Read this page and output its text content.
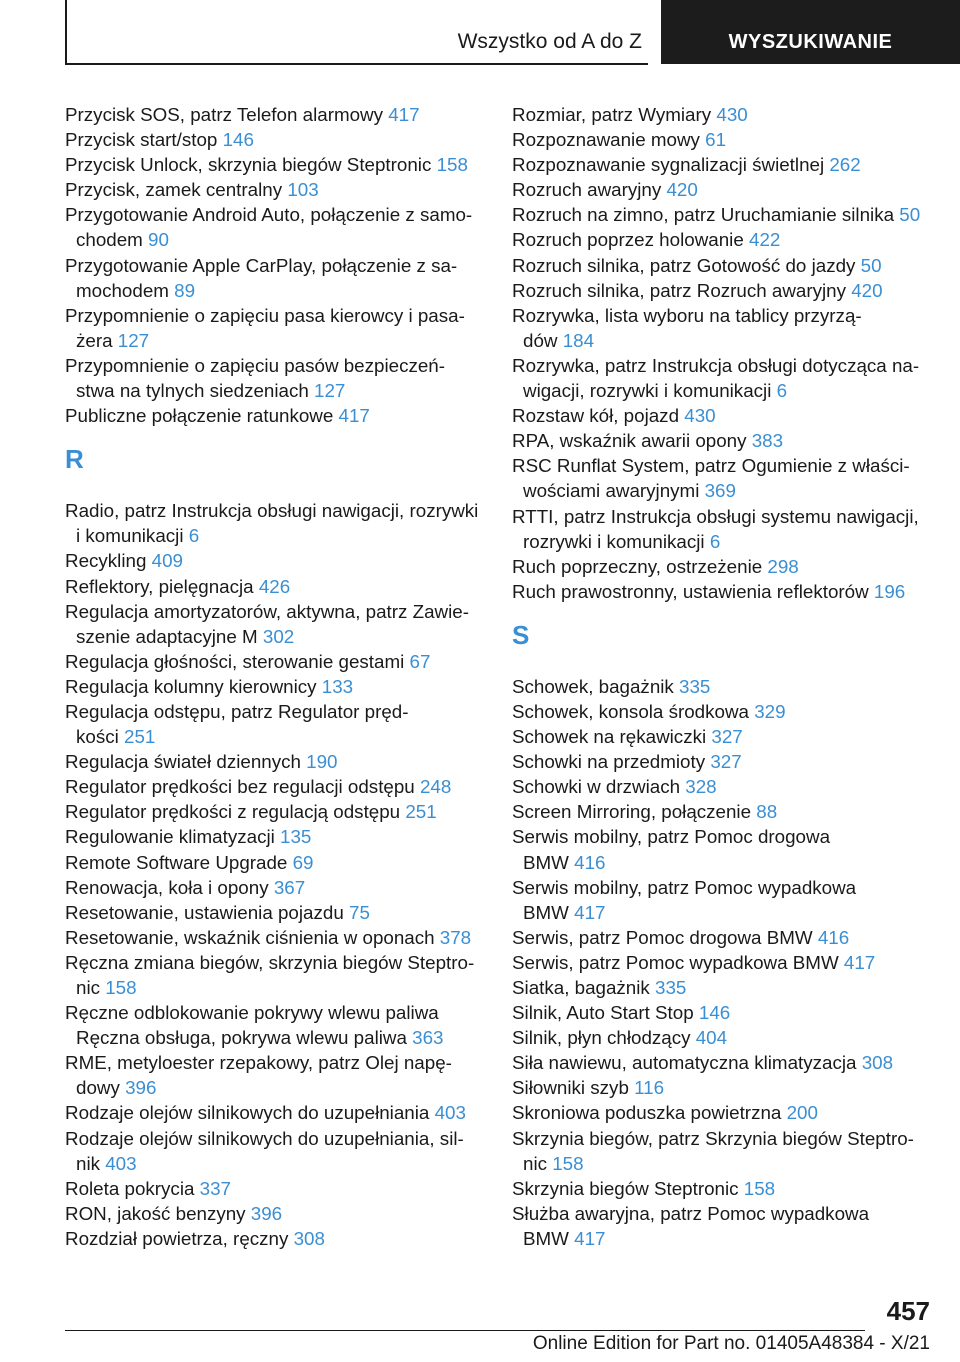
Wszystko od A do Z	WYSZUKIWANIE
Przycisk SOS, patrz Telefon alarmowy 417
Przycisk start/stop 146
Przycisk Unlock, skrzynia biegów Steptronic 158
Przycisk, zamek centralny 103
Przygotowanie Android Auto, połączenie z samo-
chodem 90
Przygotowanie Apple CarPlay, połączenie z sa-
mochodem 89
Przypomnienie o zapięciu pasa kierowcy i pasa-
żera 127
Przypomnienie o zapięciu pasów bezpieczeń-
stwa na tylnych siedzeniach 127
Publiczne połączenie ratunkowe 417
R
Radio, patrz Instrukcja obsługi nawigacji, rozrywki
i komunikacji 6
Recykling 409
Reflektory, pielęgnacja 426
Regulacja amortyzatorów, aktywna, patrz Zawie-
szenie adaptacyjne M 302
Regulacja głośności, sterowanie gestami 67
Regulacja kolumny kierownicy 133
Regulacja odstępu, patrz Regulator pręd-
kości 251
Regulacja świateł dziennych 190
Regulator prędkości bez regulacji odstępu 248
Regulator prędkości z regulacją odstępu 251
Regulowanie klimatyzacji 135
Remote Software Upgrade 69
Renowacja, koła i opony 367
Resetowanie, ustawienia pojazdu 75
Resetowanie, wskaźnik ciśnienia w oponach 378
Ręczna zmiana biegów, skrzynia biegów Steptro-
nic 158
Ręczne odblokowanie pokrywy wlewu paliwa
Ręczna obsługa, pokrywa wlewu paliwa 363
RME, metyloester rzepakowy, patrz Olej napę-
dowy 396
Rodzaje olejów silnikowych do uzupełniania 403
Rodzaje olejów silnikowych do uzupełniania, sil-
nik 403
Roleta pokrycia 337
RON, jakość benzyny 396
Rozdział powietrza, ręczny 308
Rozmiar, patrz Wymiary 430
Rozpoznawanie mowy 61
Rozpoznawanie sygnalizacji świetlnej 262
Rozruch awaryjny 420
Rozruch na zimno, patrz Uruchamianie silnika 50
Rozruch poprzez holowanie 422
Rozruch silnika, patrz Gotowość do jazdy 50
Rozruch silnika, patrz Rozruch awaryjny 420
Rozrywka, lista wyboru na tablicy przyrzą-
dów 184
Rozrywka, patrz Instrukcja obsługi dotycząca na-
wigacji, rozrywki i komunikacji 6
Rozstaw kół, pojazd 430
RPA, wskaźnik awarii opony 383
RSC Runflat System, patrz Ogumienie z właści-
wościami awaryjnymi 369
RTTI, patrz Instrukcja obsługi systemu nawigacji,
rozrywki i komunikacji 6
Ruch poprzeczny, ostrzeżenie 298
Ruch prawostronny, ustawienia reflektorów 196
S
Schowek, bagażnik 335
Schowek, konsola środkowa 329
Schowek na rękawiczki 327
Schowki na przedmioty 327
Schowki w drzwiach 328
Screen Mirroring, połączenie 88
Serwis mobilny, patrz Pomoc drogowa
BMW 416
Serwis mobilny, patrz Pomoc wypadkowa
BMW 417
Serwis, patrz Pomoc drogowa BMW 416
Serwis, patrz Pomoc wypadkowa BMW 417
Siatka, bagażnik 335
Silnik, Auto Start Stop 146
Silnik, płyn chłodzący 404
Siła nawiewu, automatyczna klimatyzacja 308
Siłowniki szyb 116
Skroniowa poduszka powietrzna 200
Skrzynia biegów, patrz Skrzynia biegów Steptro-
nic 158
Skrzynia biegów Steptronic 158
Służba awaryjna, patrz Pomoc wypadkowa
BMW 417
457
Online Edition for Part no. 01405A48384 - X/21
